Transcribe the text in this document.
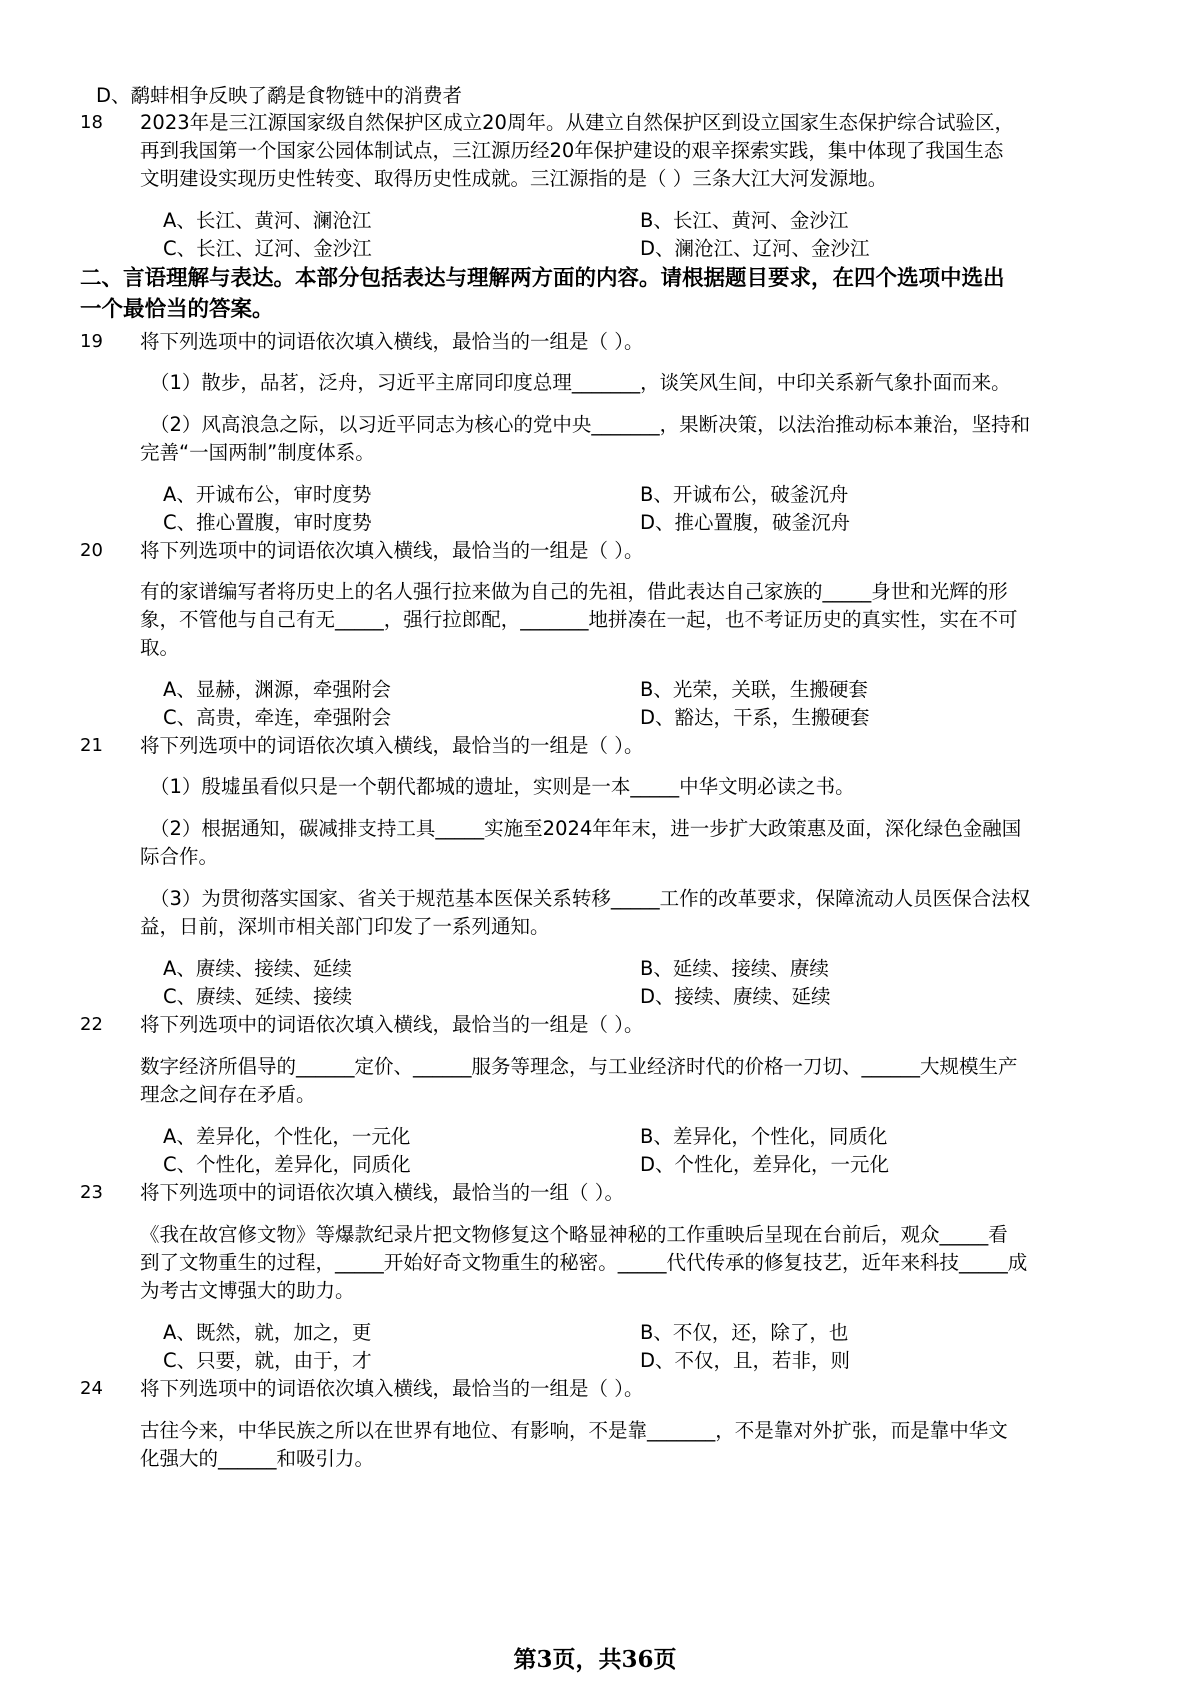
D、鹬蚌相争反映了鹬是食物链中的消费者
18 2023年是三江源国家级自然保护区成立20周年。从建立自然保护区到设立国家生态保护综合试验区，
再到我国第一个国家公园体制试点，三江源历经20年保护建设的艰辛探索实践，集中体现了我国生态
文明建设实现历史性转变、取得历史性成就。三江源指的是（ ）三条大江大河发源地。
A、长江、黄河、澜沧江	B、长江、黄河、金沙江
C、长江、辽河、金沙江	D、澜沧江、辽河、金沙江
二、言语理解与表达。本部分包括表达与理解两方面的内容。请根据题目要求，在四个选项中选出
一个最恰当的答案。
19 将下列选项中的词语依次填入横线，最恰当的一组是（ ）。
（1）散步，品茗，泛舟，习近平主席同印度总理_______，谈笑风生间，中印关系新气象扑面而来。
（2）风高浪急之际，以习近平同志为核心的党中央_______，果断决策，以法治推动标本兼治，坚持和
完善“一国两制”制度体系。
A、开诚布公，审时度势	B、开诚布公，破釜沉舟
C、推心置腹，审时度势	D、推心置腹，破釜沉舟
20 将下列选项中的词语依次填入横线，最恰当的一组是（ ）。
有的家谱编写者将历史上的名人强行拉来做为自己的先祖，借此表达自己家族的_____身世和光辉的形
象，不管他与自己有无_____，强行拉郎配，_______地拼凑在一起，也不考证历史的真实性，实在不可
取。
A、显赫，渊源，牵强附会	B、光荣，关联，生搬硬套
C、高贵，牵连，牵强附会	D、豁达，干系，生搬硬套
21 将下列选项中的词语依次填入横线，最恰当的一组是（ ）。
（1）殷墟虽看似只是一个朝代都城的遗址，实则是一本_____中华文明必读之书。
（2）根据通知，碳减排支持工具_____实施至2024年年末，进一步扩大政策惠及面，深化绿色金融国
际合作。
（3）为贯彻落实国家、省关于规范基本医保关系转移_____工作的改革要求，保障流动人员医保合法权
益，日前，深圳市相关部门印发了一系列通知。
A、赓续、接续、延续	B、延续、接续、赓续
C、赓续、延续、接续	D、接续、赓续、延续
22 将下列选项中的词语依次填入横线，最恰当的一组是（ ）。
数字经济所倡导的______定价、______服务等理念，与工业经济时代的价格一刀切、______大规模生产
理念之间存在矛盾。
A、差异化，个性化，一元化	B、差异化，个性化，同质化
C、个性化，差异化，同质化	D、个性化，差异化，一元化
23 将下列选项中的词语依次填入横线，最恰当的一组（ ）。
《我在故宫修文物》等爆款纪录片把文物修复这个略显神秘的工作重映后呈现在台前后，观众_____看
到了文物重生的过程，_____开始好奇文物重生的秘密。_____代代传承的修复技艺，近年来科技_____成
为考古文博强大的助力。
A、既然，就，加之，更	B、不仅，还，除了，也
C、只要，就，由于，才	D、不仅，且，若非，则
24 将下列选项中的词语依次填入横线，最恰当的一组是（ ）。
古往今来，中华民族之所以在世界有地位、有影响，不是靠_______，不是靠对外扩张，而是靠中华文
化强大的______和吸引力。
第3页，共36页
